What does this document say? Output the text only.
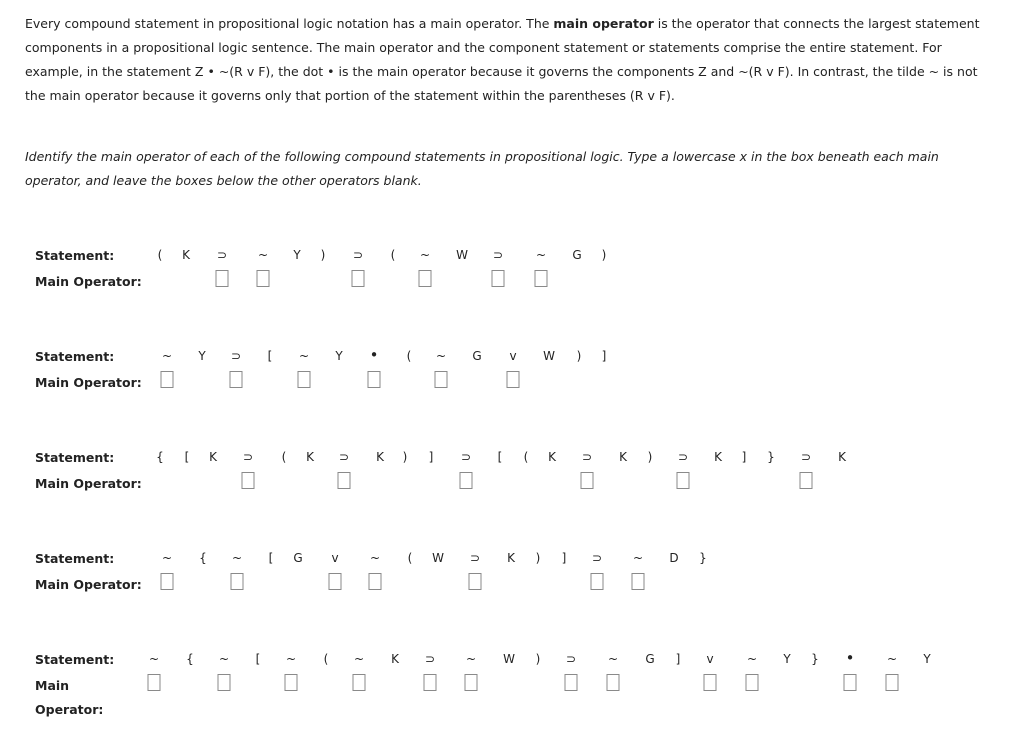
Every compound statement in propositional logic notation has a main operator. The main operator is the operator that connects the largest statement components in a propositional logic sentence. The main operator and the component statement or statements comprise the entire statement. For example, in the statement Z • ~(R v F), the dot • is the main operator because it governs the components Z and ~(R v F). In contrast, the tilde ~ is not the main operator because it governs only that portion of the statement within the parentheses (R v F).

Identify the main operator of each of the following compound statements in propositional logic. Type a lowercase x in the box beneath each main operator, and leave the boxes below the other operators blank.
Statement:
Main Operator:
( K ⊃	~ Y ) ⊃ ( ~ W ⊃	~ G )
Statement:
Main Operator:
~ Y ⊃ [ ~ Y • ( ~ G v W ) ]
Statement:
Main Operator:
{ [ K ⊃ ( K ⊃ K ) ] ⊃ [ ( K ⊃ K ) ⊃ K ] } ⊃ K
Statement:
Main Operator:
~ { ~ [ G v	~ ( W ⊃ K ) ] ⊃	~ D }
Statement:
Main
Operator:
~ { ~ [ ~ ( ~ K ⊃	~ W ) ⊃	~ G ] v	~ Y } •	~ Y
